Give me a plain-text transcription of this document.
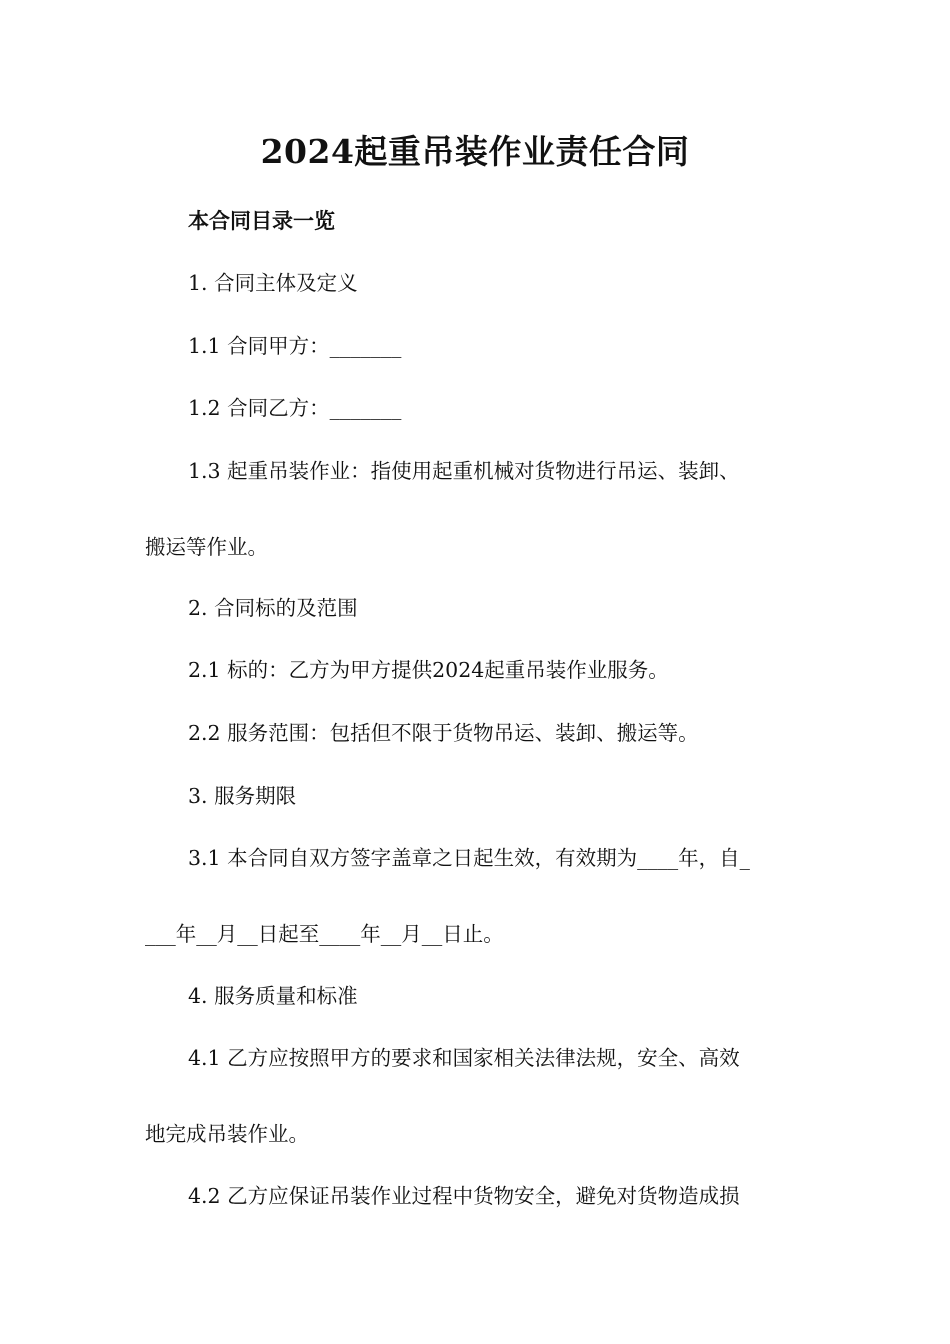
2024起重吊装作业责任合同
本合同目录一览
1. 合同主体及定义
1.1 合同甲方：_______
1.2 合同乙方：_______
1.3 起重吊装作业：指使用起重机械对货物进行吊运、装卸、
搬运等作业。
2. 合同标的及范围
2.1 标的：乙方为甲方提供2024起重吊装作业服务。
2.2 服务范围：包括但不限于货物吊运、装卸、搬运等。
3. 服务期限
3.1 本合同自双方签字盖章之日起生效，有效期为____年，自_
___年__月__日起至____年__月__日止。
4. 服务质量和标准
4.1 乙方应按照甲方的要求和国家相关法律法规，安全、高效
地完成吊装作业。
4.2 乙方应保证吊装作业过程中货物安全，避免对货物造成损
